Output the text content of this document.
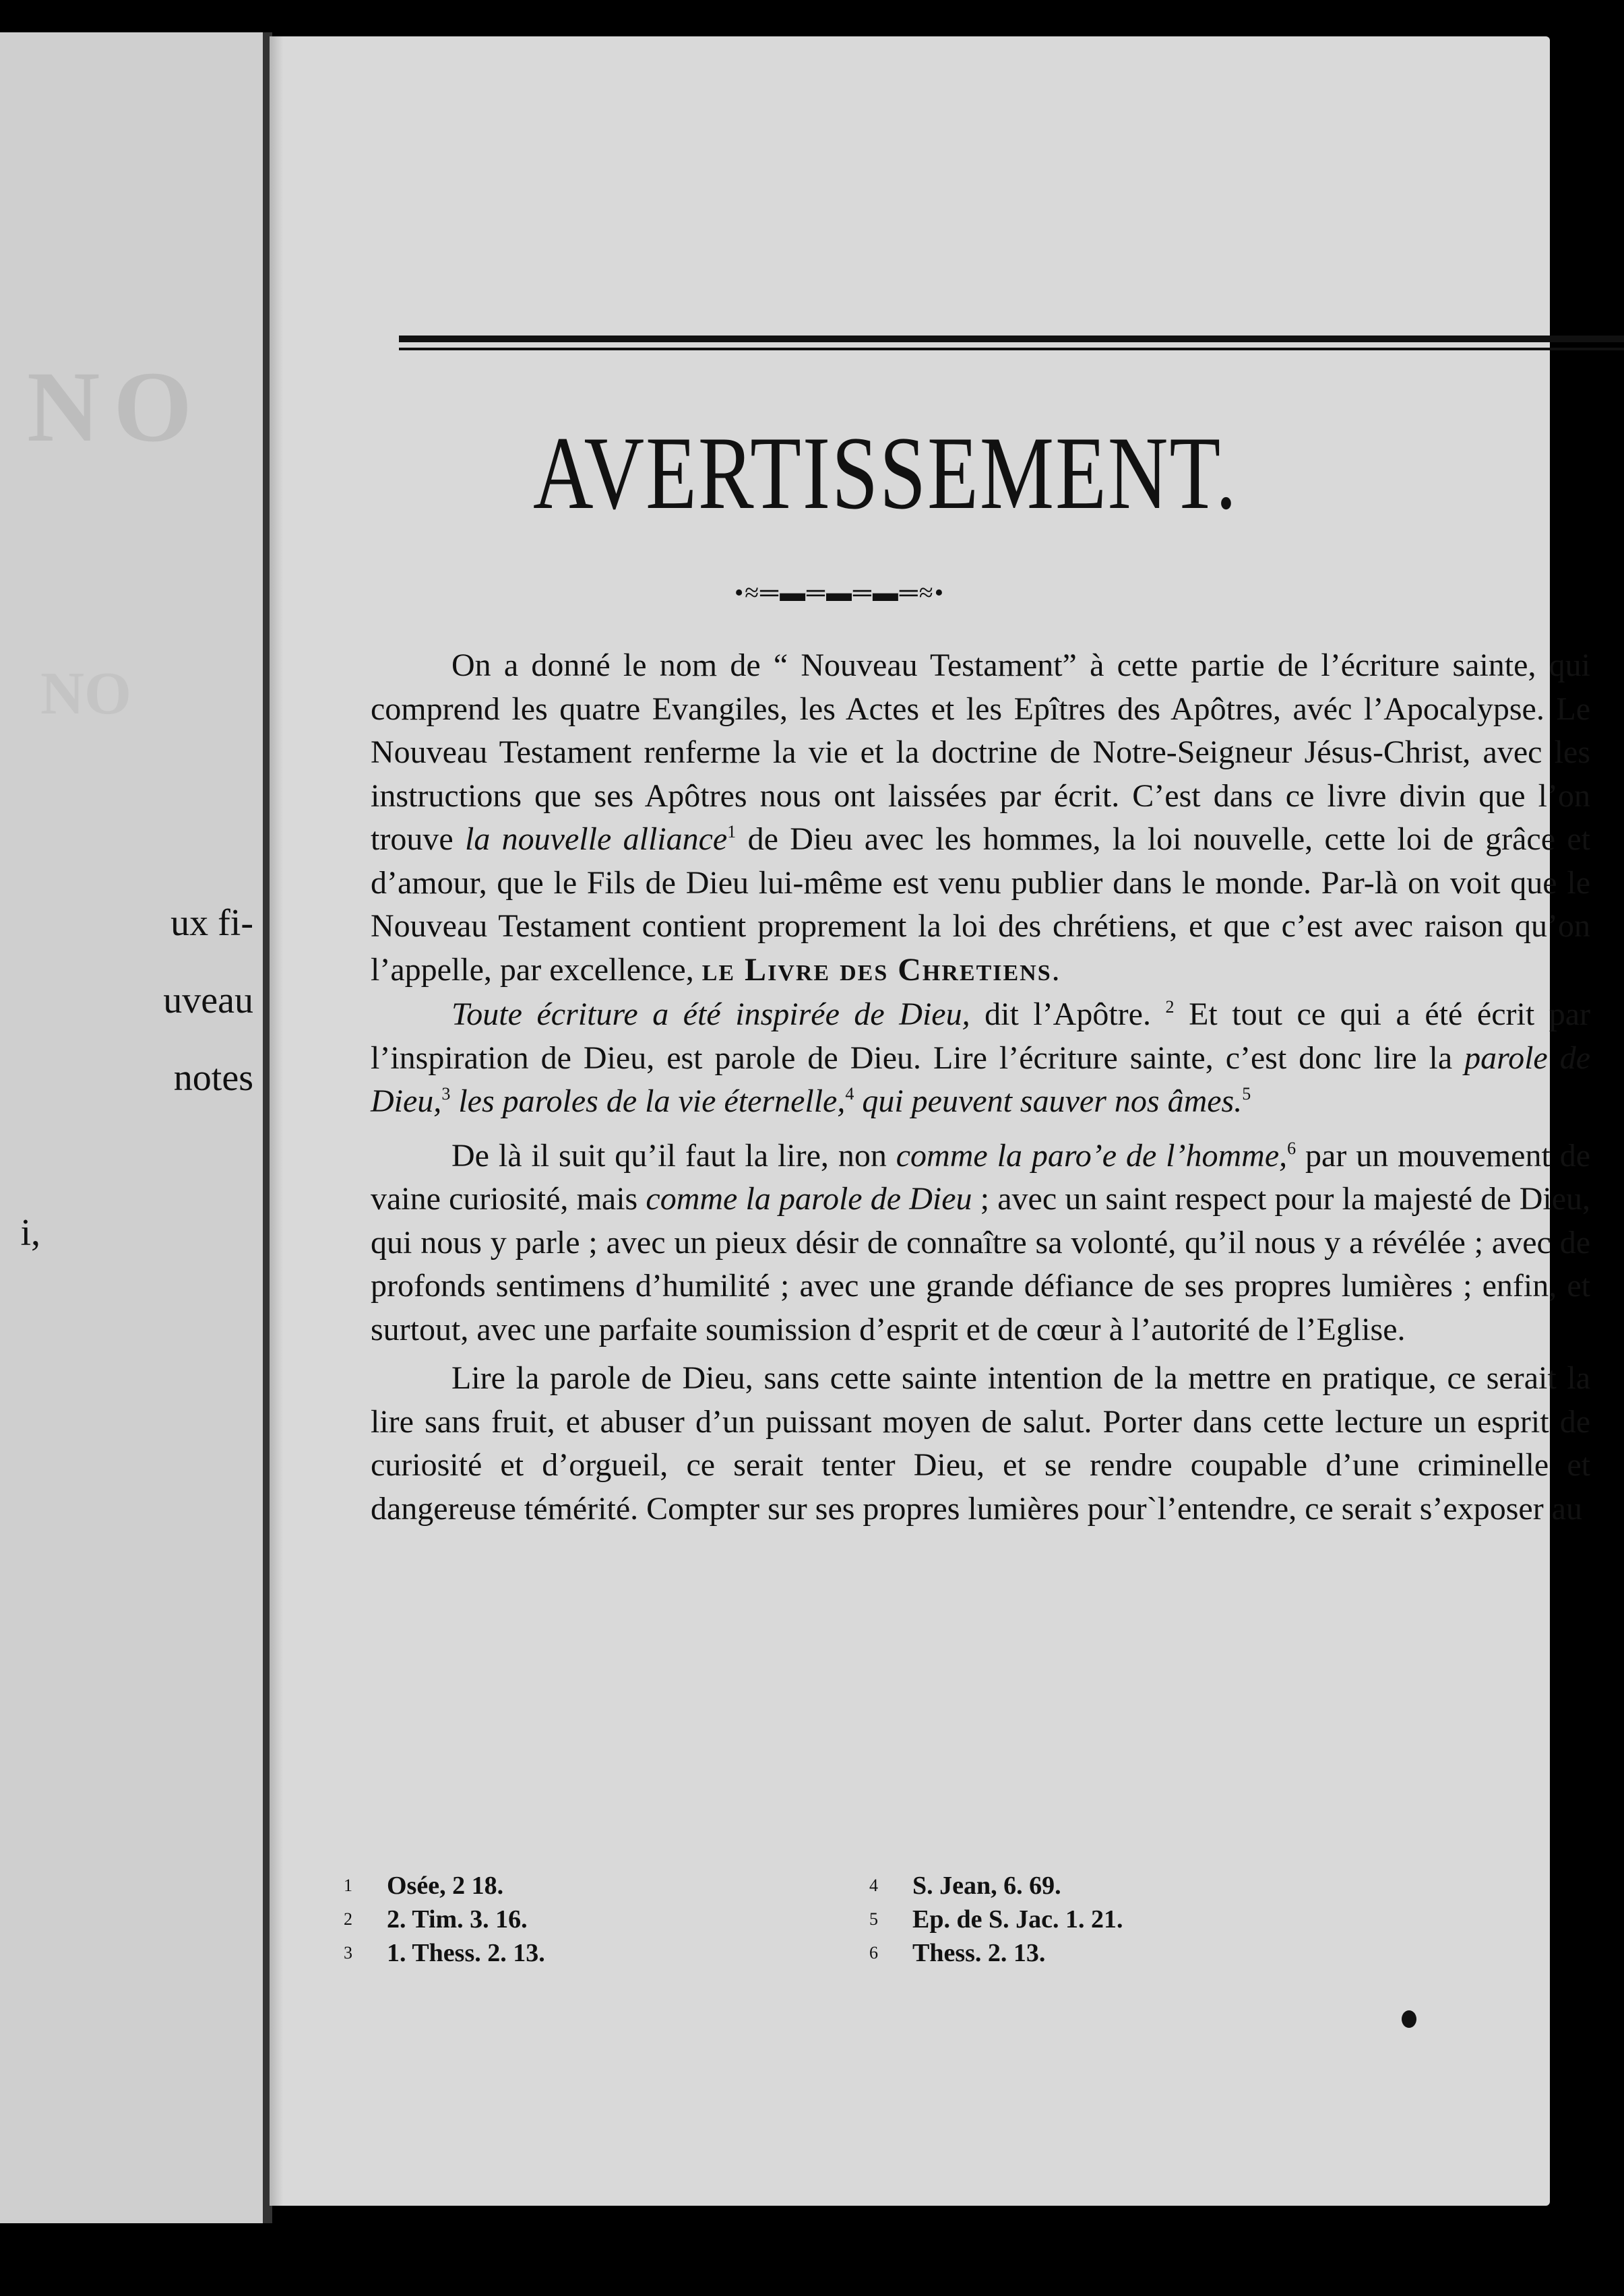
NO
NO
ux fi-
uveau
notes
i,
AVERTISSEMENT.
•≈═▬═▬═▬═≈•

On a donné le nom de “ Nouveau Testament” à cette partie de l’écriture sainte, qui comprend les quatre Evangiles, les Actes et les Epîtres des Apôtres, avéc l’Apocalypse. Le Nouveau Testament renferme la vie et la doctrine de Notre-Seigneur Jésus-Christ, avec les instructions que ses Apôtres nous ont laissées par écrit. C’est dans ce livre divin que l’on trouve la nouvelle alliance$^1$ de Dieu avec les hommes, la loi nouvelle, cette loi de grâce et d’amour, que le Fils de Dieu lui-même est venu publier dans le monde. Par-là on voit que le Nouveau Testament contient proprement la loi des chrétiens, et que c’est avec raison qu’on l’appelle, par excellence, le Livre des Chretiens.

Toute écriture a été inspirée de Dieu, dit l’Apôtre. $^2$ Et tout ce qui a été écrit par l’inspiration de Dieu, est parole de Dieu. Lire l’écriture sainte, c’est donc lire la parole de Dieu,$^3$ les paroles de la vie éternelle,$^4$ qui peuvent sauver nos âmes.$^5$

De là il suit qu’il faut la lire, non comme la paro’e de l’homme,$^6$ par un mouvement de vaine curiosité, mais comme la parole de Dieu ; avec un saint respect pour la majesté de Dieu, qui nous y parle ; avec un pieux désir de connaître sa volonté, qu’il nous y a révélée ; avec de profonds sentimens d’humilité ; avec une grande défiance de ses propres lumières ; enfin, et surtout, avec une parfaite soumission d’esprit et de cœur à l’autorité de l’Eglise.

Lire la parole de Dieu, sans cette sainte intention de la mettre en pratique, ce serait la lire sans fruit, et abuser d’un puissant moyen de salut. Porter dans cette lecture un esprit de curiosité et d’orgueil, ce serait tenter Dieu, et se rendre coupable d’une criminelle et dangereuse témérité. Compter sur ses propres lumières pour`l’entendre, ce serait s’exposer au

1 Osée, 2 18.
2 2. Tim. 3. 16.
3 1. Thess. 2. 13.
4 S. Jean, 6. 69.
5 Ep. de S. Jac. 1. 21.
6 Thess. 2. 13.
